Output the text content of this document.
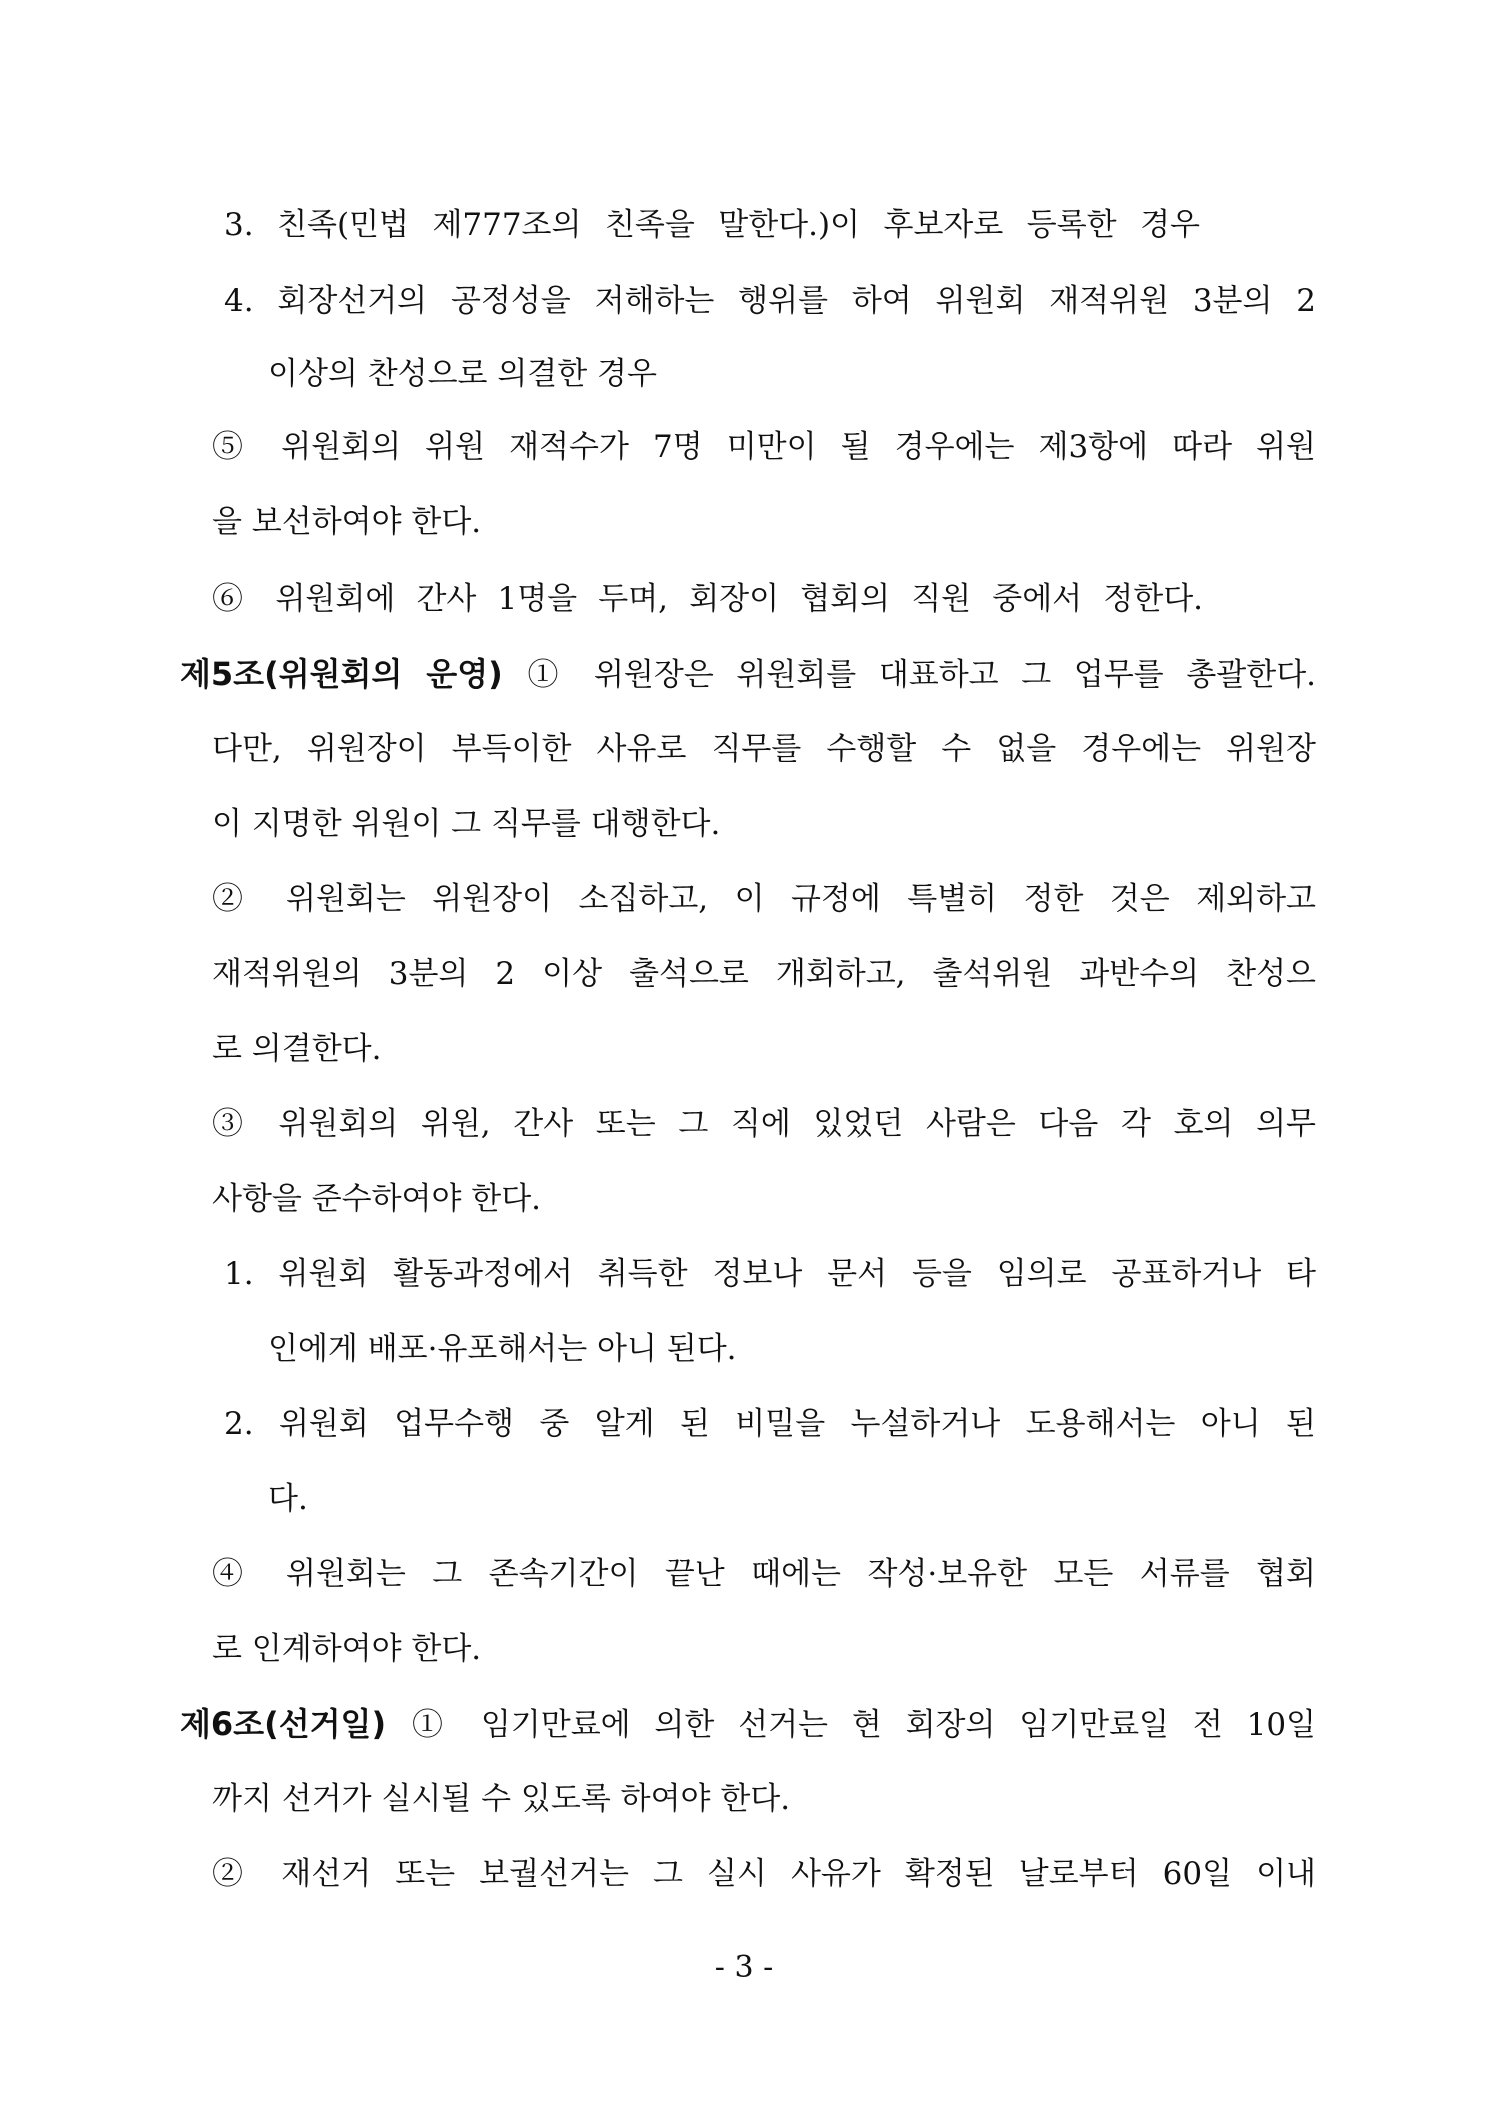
3. 친족(민법 제777조의 친족을 말한다.)이 후보자로 등록한 경우
4. 회장선거의 공정성을 저해하는 행위를 하여 위원회 재적위원 3분의 2
이상의 찬성으로 의결한 경우
⑤ 위원회의 위원 재적수가 7명 미만이 될 경우에는 제3항에 따라 위원
을 보선하여야 한다.
⑥ 위원회에 간사 1명을 두며, 회장이 협회의 직원 중에서 정한다.
제5조(위원회의 운영) ① 위원장은 위원회를 대표하고 그 업무를 총괄한다.
다만, 위원장이 부득이한 사유로 직무를 수행할 수 없을 경우에는 위원장
이 지명한 위원이 그 직무를 대행한다.
② 위원회는 위원장이 소집하고, 이 규정에 특별히 정한 것은 제외하고
재적위원의 3분의 2 이상 출석으로 개회하고, 출석위원 과반수의 찬성으
로 의결한다.
③ 위원회의 위원, 간사 또는 그 직에 있었던 사람은 다음 각 호의 의무
사항을 준수하여야 한다.
1. 위원회 활동과정에서 취득한 정보나 문서 등을 임의로 공표하거나 타
인에게 배포·유포해서는 아니 된다.
2. 위원회 업무수행 중 알게 된 비밀을 누설하거나 도용해서는 아니 된
다.
④ 위원회는 그 존속기간이 끝난 때에는 작성·보유한 모든 서류를 협회
로 인계하여야 한다.
제6조(선거일) ① 임기만료에 의한 선거는 현 회장의 임기만료일 전 10일
까지 선거가 실시될 수 있도록 하여야 한다.
② 재선거 또는 보궐선거는 그 실시 사유가 확정된 날로부터 60일 이내
- 3 -
